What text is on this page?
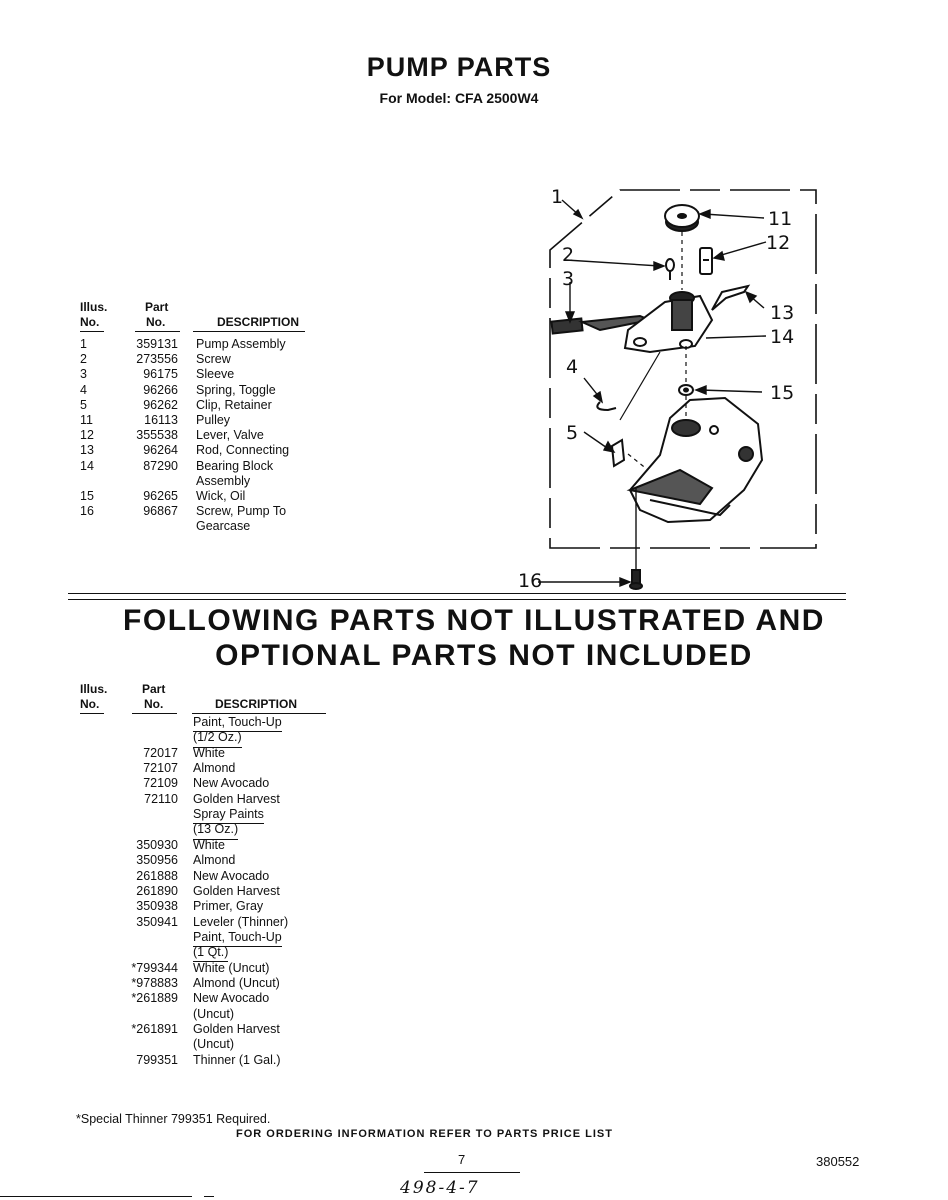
PUMP PARTS
For Model: CFA 2500W4
Illus.
No.
Part
No.	DESCRIPTION
1	359131 Pump Assembly
2	273556 Screw
3	96175 Sleeve
4	96266 Spring, Toggle
5	96262 Clip, Retainer
11	16113 Pulley
12	355538 Lever, Valve
13	96264 Rod, Connecting
14	87290 Bearing Block
Assembly
15	96265 Wick, Oil
16	96867 Screw, Pump To
Gearcase
1
2
3
4
5
11
12
13
14
15
16
FOLLOWING PARTS NOT ILLUSTRATED AND
OPTIONAL PARTS NOT INCLUDED
Illus.
No.
Part
No.	DESCRIPTION
Paint, Touch-Up
(1/2 Oz.)
72017 White
72107 Almond
72109 New Avocado
72110 Golden Harvest
Spray Paints
(13 Oz.)
350930 White
350956 Almond
261888 New Avocado
261890 Golden Harvest
350938 Primer, Gray
350941 Leveler (Thinner)
Paint, Touch-Up
(1 Qt.)
*799344 White (Uncut)
*978883 Almond (Uncut)
*261889 New Avocado
(Uncut)
*261891 Golden Harvest
(Uncut)
799351 Thinner (1 Gal.)
*Special Thinner 799351 Required.
FOR ORDERING INFORMATION REFER TO PARTS PRICE LIST
7	380552
498-4-7
